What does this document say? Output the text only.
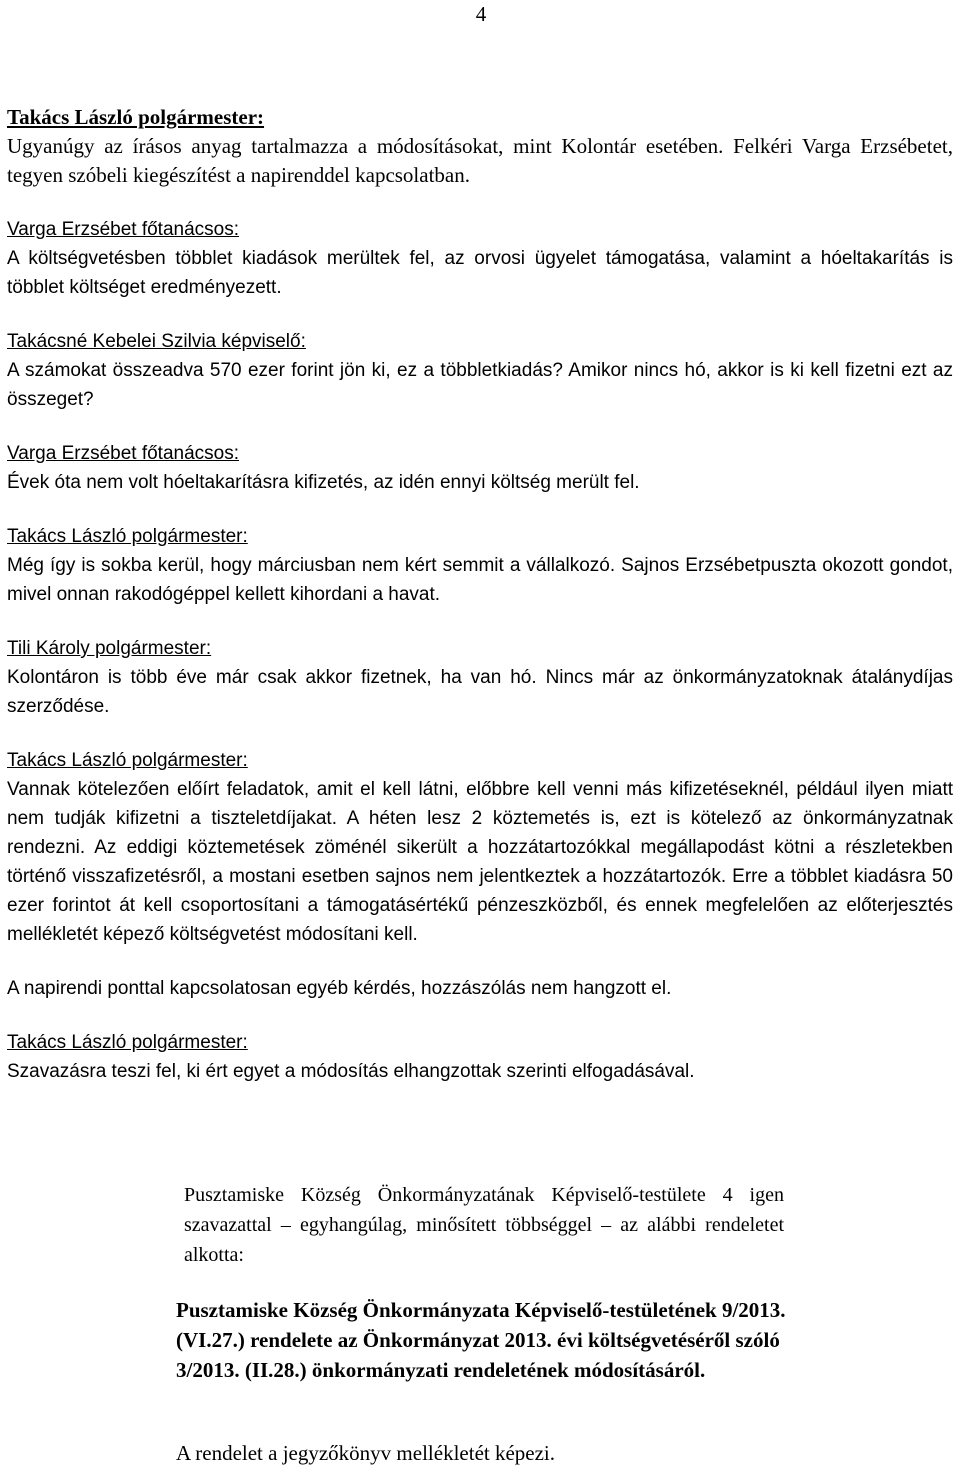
4
Takács László polgármester:
Ugyanúgy az írásos anyag tartalmazza a módosításokat, mint Kolontár esetében. Felkéri Varga Erzsébetet, tegyen szóbeli kiegészítést a napirenddel kapcsolatban.
Varga Erzsébet főtanácsos:
A költségvetésben többlet kiadások merültek fel, az orvosi ügyelet támogatása, valamint a hóeltakarítás is többlet költséget eredményezett.
Takácsné Kebelei Szilvia képviselő:
A számokat összeadva 570 ezer forint jön ki, ez a többletkiadás? Amikor nincs hó, akkor is ki kell fizetni ezt az összeget?
Varga Erzsébet főtanácsos:
Évek óta nem volt hóeltakarításra kifizetés, az idén ennyi költség merült fel.
Takács László polgármester:
Még így is sokba kerül, hogy márciusban nem kért semmit a vállalkozó. Sajnos Erzsébetpuszta okozott gondot, mivel onnan rakodógéppel kellett kihordani a havat.
Tili Károly polgármester:
Kolontáron is több éve már csak akkor fizetnek, ha van hó. Nincs már az önkormányzatoknak átalánydíjas szerződése.
Takács László polgármester:
Vannak kötelezően előírt feladatok, amit el kell látni, előbbre kell venni más kifizetéseknél, például ilyen miatt nem tudják kifizetni a tiszteletdíjakat. A héten lesz 2 köztemetés is, ezt is kötelező az önkormányzatnak rendezni. Az eddigi köztemetések zöménél sikerült a hozzátartozókkal megállapodást kötni a részletekben történő visszafizetésről, a mostani esetben sajnos nem jelentkeztek a hozzátartozók. Erre a többlet kiadásra 50 ezer forintot át kell csoportosítani a támogatásértékű pénzeszközből, és ennek megfelelően az előterjesztés mellékletét képező költségvetést módosítani kell.
A napirendi ponttal kapcsolatosan egyéb kérdés, hozzászólás nem hangzott el.
Takács László polgármester:
Szavazásra teszi fel, ki ért egyet a módosítás elhangzottak szerinti elfogadásával.
Pusztamiske Község Önkormányzatának Képviselő-testülete 4 igen szavazattal – egyhangúlag, minősített többséggel – az alábbi rendeletet alkotta:
Pusztamiske Község Önkormányzata Képviselő-testületének 9/2013. (VI.27.) rendelete az Önkormányzat 2013. évi költségvetéséről szóló 3/2013. (II.28.) önkormányzati rendeletének módosításáról.
A rendelet a jegyzőkönyv mellékletét képezi.
